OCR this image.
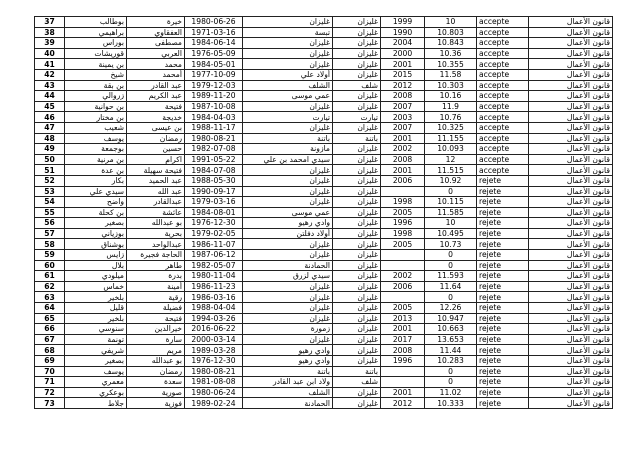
37	بوطالب	خيرة	1980-06-26	غليزان	غليزان	1999	10	accepte	قانون الأعمال
38	براهيمي	العفقاوي	1971-03-16	تبسة	غليزان	1990	10.803	accepte	قانون الأعمال
39	بوراس	مصطفى	1984-06-14	غليزان	غليزان	2004	10.843	accepte	قانون الأعمال
40	قوريشات	العربي	1976-05-09	غليزان	غليزان	2000	10.36	accepte	قانون الأعمال
41	بن يمينة	محمد	1984-05-01	غليزان	غليزان	2001	10.355	accepte	قانون الأعمال
42	شيخ	أمحمد	1977-10-09	أولاد علي	غليزان	2015	11.58	accepte	قانون الأعمال
43	بن بقة	عبد القادر	1979-12-03	الشلف	شلف	2012	10.303	accepte	قانون الأعمال
44	زروالي	عبد الكريم	1989-11-20	عمي موسى	غليزان	2008	10.16	accepte	قانون الأعمال
45	بن حوانية	فتيحة	1987-10-08	غليزان	غليزان	2007	11.9	accepte	قانون الأعمال
46	بن مختار	خديجة	1984-04-03	تيارت	تيارت	2003	10.76	accepte	قانون الأعمال
47	شعيب	بن عيسى	1988-11-17	غليزان	غليزان	2007	10.325	accepte	قانون الأعمال
48	يوسف	رمضان	1980-08-21	باتنة	باتنة	2001	11.155	accepte	قانون الأعمال
49	بوجمعة	حسين	1982-07-08	مازونة	غليزان	2002	10.093	accepte	قانون الأعمال
50	بن مرنية	اكرام	1991-05-22	سيدي امحمد بن علي	غليزان	2008	12	accepte	قانون الأعمال
51	بن عدة	فتيحة سهيلة	1984-07-08	غليزان	غليزان	2001	11.515	accepte	قانون الأعمال
52	بكار	عبد الحميد	1988-05-30	غليزان	غليزان	2006	10.92	rejete	قانون الأعمال
53	سيدي علي	عبد الله	1990-09-17	غليزان	غليزان		0	rejete	قانون الأعمال
54	واضح	عبدالقادر	1979-03-16	غليزان	غليزان	1998	10.115	rejete	قانون الأعمال
55	بن كحلة	عائشة	1984-08-01	عمي موسى	غليزان	2005	11.585	rejete	قانون الأعمال
56	بصغير	بو عبدالله	1976-12-30	وادي رهيو	غليزان	1996	10	rejete	قانون الأعمال
57	بوزياني	بحرية	1979-02-05	أولاد دفلتن	غليزان	1998	10.495	rejete	قانون الأعمال
58	بوشناق	عبدالواحد	1986-11-07	غليزان	غليزان	2005	10.73	rejete	قانون الأعمال
59	زايس	الحاجة فجيرة	1987-06-12	غليزان	غليزان		0	rejete	قانون الأعمال
60	بلال	طاهر	1982-05-07	الحمادنة	غليزان		0	rejete	قانون الأعمال
61	ميلودي	بدرة	1980-11-04	سيدي لزرق	غليزان	2002	11.593	rejete	قانون الأعمال
62	خماس	أمينة	1986-11-23	غليزان	غليزان	2006	11.64	rejete	قانون الأعمال
63	بلخير	رقية	1986-03-16	غليزان	غليزان		0	rejete	قانون الأعمال
64	قليل	فضيلة	1988-04-04	غليزان	غليزان	2005	12.26	rejete	قانون الأعمال
65	بلخير	فتيحة	1994-03-26	غليزان	غليزان	2013	10.947	rejete	قانون الأعمال
66	سنوسي	خيرالدين	2016-06-22	زمورة	غليزان	2001	10.663	rejete	قانون الأعمال
67	تونمة	سارة	2000-03-14	غليزان	غليزان	2017	13.653	rejete	قانون الأعمال
68	شريفي	مريم	1989-03-28	وادي رهيو	غليزان	2008	11.44	rejete	قانون الأعمال
69	بصغير	بو عبدالله	1976-12-30	وادي رهيو	غليزان	1996	10.283	rejete	قانون الأعمال
70	يوسف	رمضان	1980-08-21	باتنة	باتنة		0	rejete	قانون الأعمال
71	معمري	سعدة	1981-08-08	ولاد ابن عبد القادر	شلف		0	rejete	قانون الأعمال
72	بوعكري	صورية	1980-06-24	الشلف	غليزان	2001	11.02	rejete	قانون الأعمال
73	جلاط	فوزية	1989-02-24	الحمادنة	غليزان	2012	10.333	rejete	قانون الأعمال
